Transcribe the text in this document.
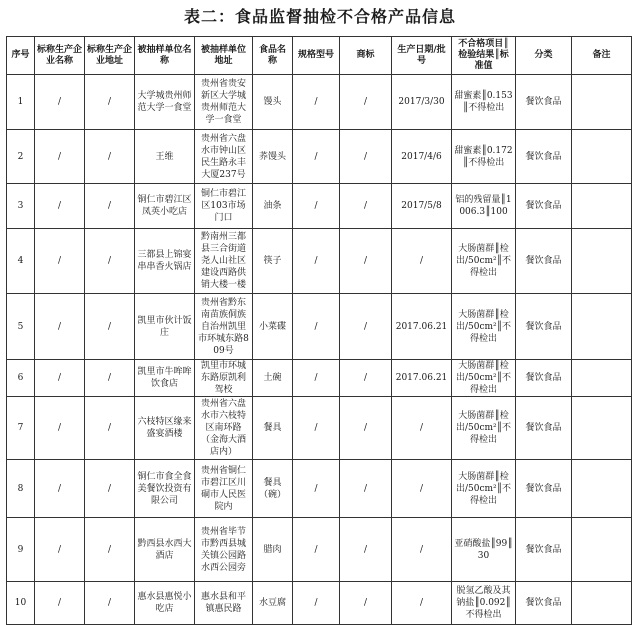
表二：食品监督抽检不合格产品信息
序号	标称生产企业名称	标称生产企业地址	被抽样单位名称	被抽样单位地址	食品名称	规格型号	商标	生产日期/批号	不合格项目║检验结果║标准值	分类	备注
1	/	/	大学城贵州师范大学一食堂	贵州省贵安新区大学城贵州师范大学一食堂	馒头	/	/	2017/3/30	甜蜜素║0.153║不得检出	餐饮食品	
2	/	/	王维	贵州省六盘水市钟山区民生路永丰大厦237号	荞馒头	/	/	2017/4/6	甜蜜素║0.172║不得检出	餐饮食品	
3	/	/	铜仁市碧江区凤英小吃店	铜仁市碧江区103市场门口	油条	/	/	2017/5/8	铝的残留量║1006.3║100	餐饮食品	
4	/	/	三都县上锦宴串串香火锅店	黔南州三都县三合街道尧人山社区建设西路供销大楼一楼	筷子	/	/	/	大肠菌群║检出/50cm²║不得检出	餐饮食品	
5	/	/	凯里市伙计饭庄	贵州省黔东南苗族侗族自治州凯里市环城东路809号	小菜碟	/	/	2017.06.21	大肠菌群║检出/50cm²║不得检出	餐饮食品	
6	/	/	凯里市牛哞哞饮食店	凯里市环城东路原凯利驾校	土碗	/	/	2017.06.21	大肠菌群║检出/50cm²║不得检出	餐饮食品	
7	/	/	六枝特区缘来盛宴酒楼	贵州省六盘水市六枝特区南环路（金海大酒店内）	餐具	/	/	/	大肠菌群║检出/50cm²║不得检出	餐饮食品	
8	/	/	铜仁市食全食美餐饮投资有限公司	贵州省铜仁市碧江区川硐市人民医院内	餐具（碗）	/	/	/	大肠菌群║检出/50cm²║不得检出	餐饮食品	
9	/	/	黔西县水西大酒店	贵州省毕节市黔西县城关镇公园路水西公园旁	腊肉	/	/	/	亚硝酸盐║99║30	餐饮食品	
10	/	/	惠水县惠悦小吃店	惠水县和平镇惠民路	水豆腐	/	/	/	脱氢乙酸及其钠盐║0.092║不得检出	餐饮食品	
